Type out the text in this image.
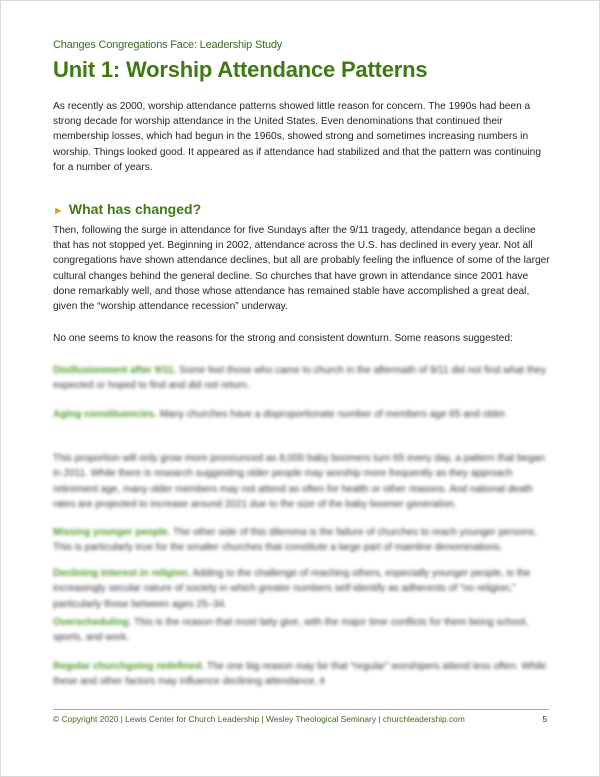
Changes Congregations Face: Leadership Study
Unit 1: Worship Attendance Patterns

As recently as 2000, worship attendance patterns showed little reason for concern. The 1990s had been a strong decade for worship attendance in the United States. Even denominations that continued their membership losses, which had begun in the 1960s, showed strong and sometimes increasing numbers in worship. Things looked good. It appeared as if attendance had stabilized and that the pattern was continuing for a number of years.

► What has changed?

Then, following the surge in attendance for five Sundays after the 9/11 tragedy, attendance began a decline that has not stopped yet. Beginning in 2002, attendance across the U.S. has declined in every year. Not all congregations have shown attendance declines, but all are probably feeling the influence of some of the larger cultural changes behind the general decline. So churches that have grown in attendance since 2001 have done remarkably well, and those whose attendance has remained stable have accomplished a great deal, given the “worship attendance recession” underway.

No one seems to know the reasons for the strong and consistent downturn. Some reasons suggested:

Disillusionment after 9/11. Some feel those who came to church in the aftermath of 9/11 did not find what they expected or hoped to find and did not return.

Aging constituencies. Many churches have a disproportionate number of members age 65 and older.

This proportion will only grow more pronounced as 8,000 baby boomers turn 65 every day, a pattern that began in 2011. While there is research suggesting older people may worship more frequently as they approach retirement age, many older members may not attend as often for health or other reasons. And national death rates are projected to increase around 2021 due to the size of the baby boomer generation.

Missing younger people. The other side of this dilemma is the failure of churches to reach younger persons. This is particularly true for the smaller churches that constitute a large part of mainline denominations.

Declining interest in religion. Adding to the challenge of reaching others, especially younger people, is the increasingly secular nature of society in which greater numbers self-identify as adherents of “no religion,” particularly those between ages 25–34.

Overscheduling. This is the reason that most laity give, with the major time conflicts for them being school, sports, and work.

Regular churchgoing redefined. The one big reason may be that “regular” worshipers attend less often. While these and other factors may influence declining attendance, it

© Copyright 2020 | Lewis Center for Church Leadership | Wesley Theological Seminary | churchleadership.com	5
